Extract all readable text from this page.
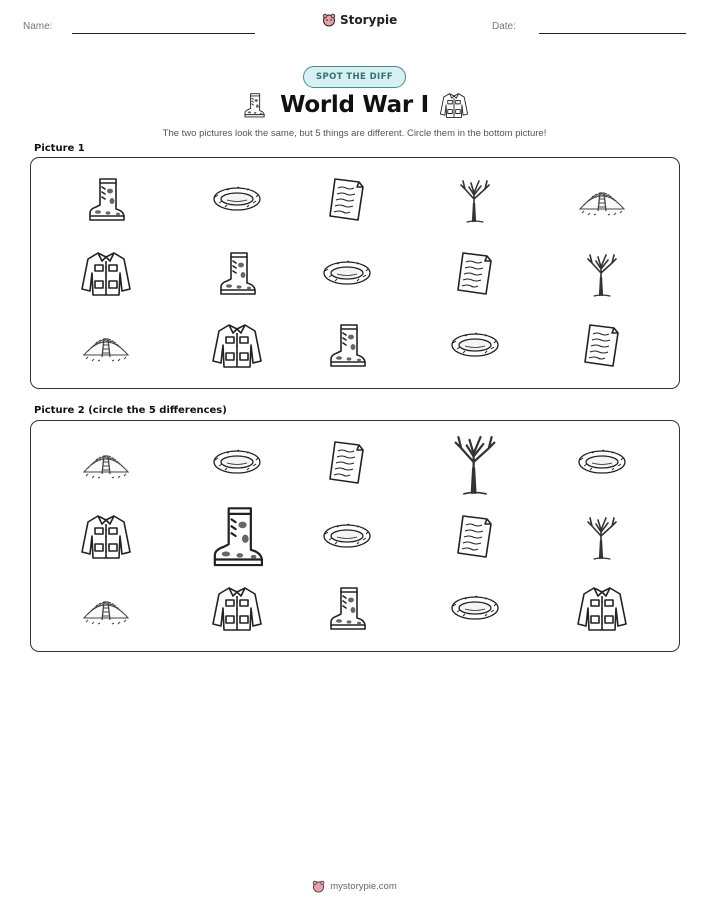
Name:	Storypie	Date:
SPOT THE DIFF
World War I
The two pictures look the same, but 5 things are different. Circle them in the bottom picture!
Picture 1
Picture 2 (circle the 5 differences)
mystorypie.com
